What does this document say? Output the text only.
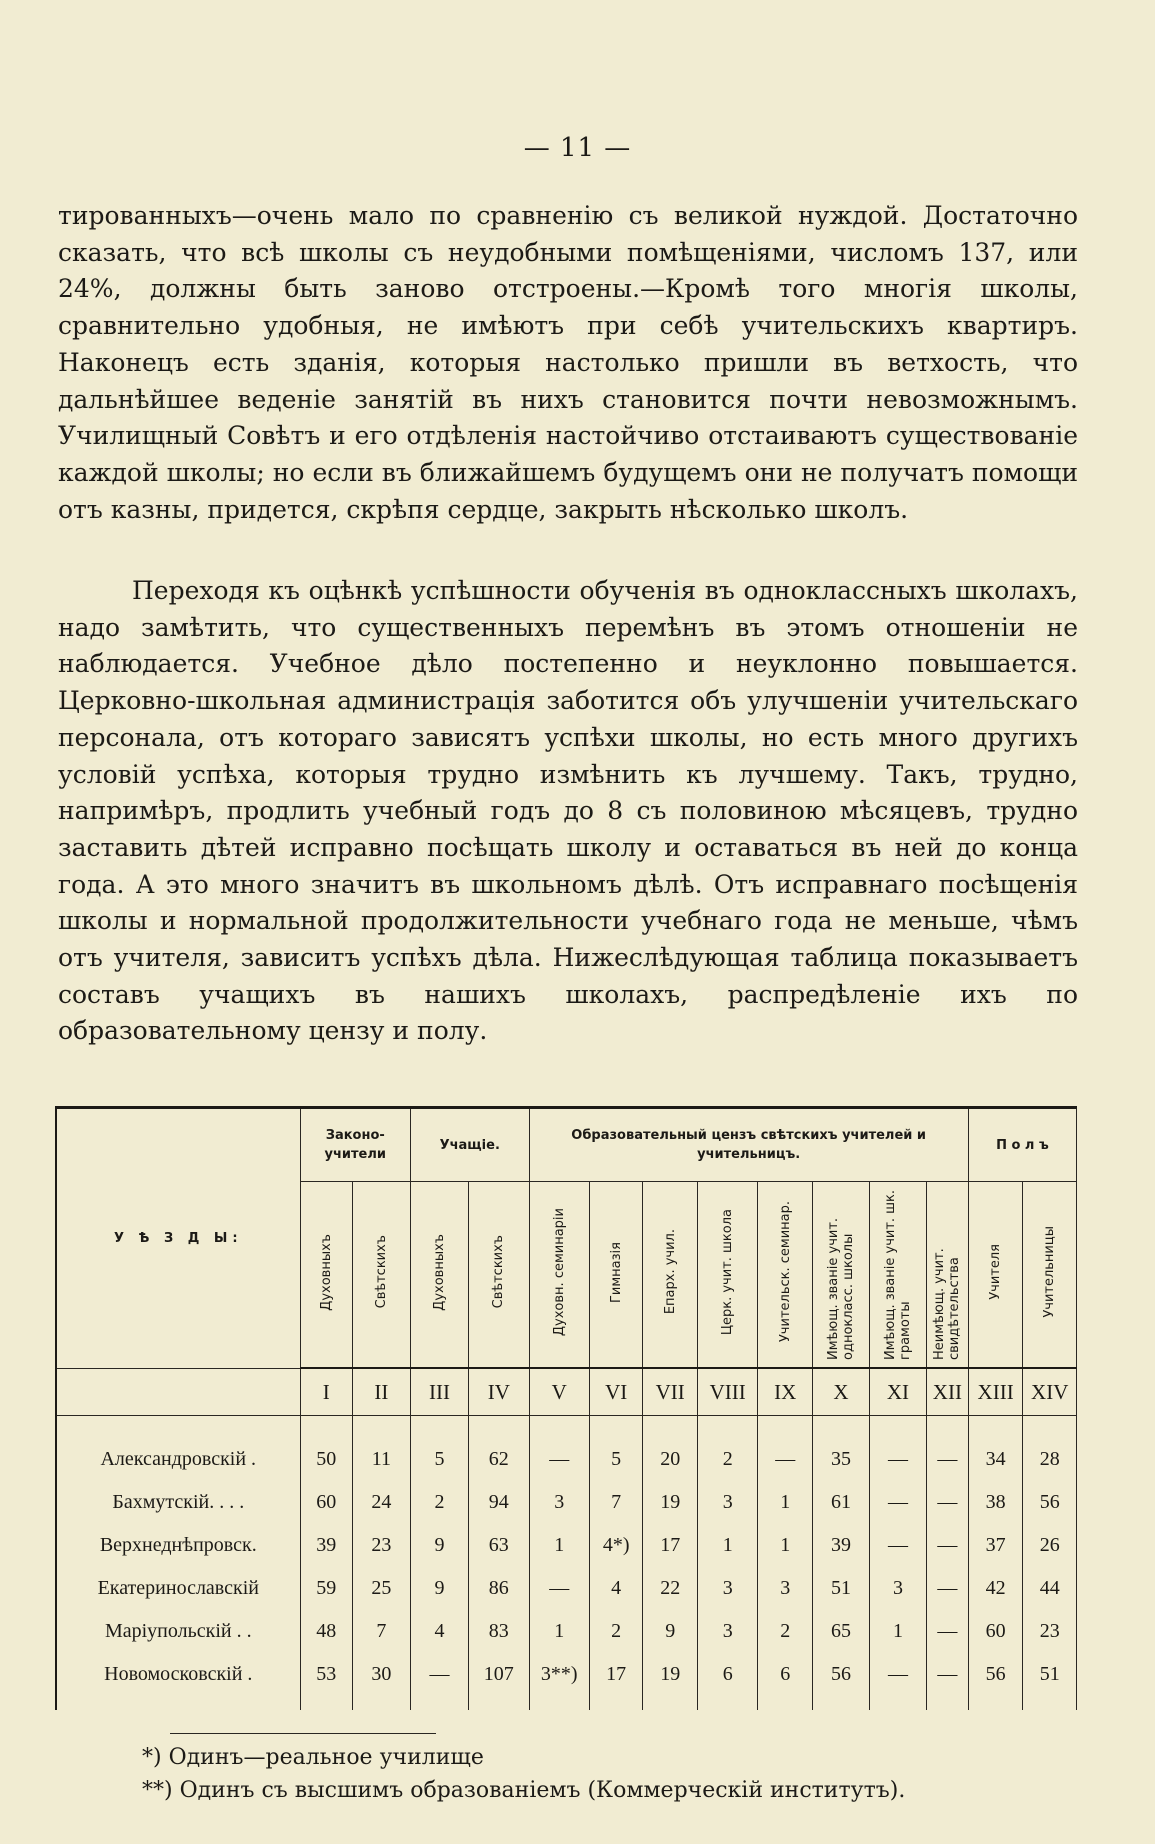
— 11 —
тированныхъ—очень мало по сравненію съ великой нуждой. Достаточно сказать, что всѣ школы съ неудобными помѣщеніями, числомъ 137, или 24%, должны быть заново отстроены.—Кромѣ того многія школы, сравнительно удобныя, не имѣютъ при себѣ учительскихъ квартиръ. Наконецъ есть зданія, которыя настолько пришли въ ветхость, что дальнѣйшее веденіе занятій въ нихъ становится почти невозможнымъ. Училищный Совѣтъ и его отдѣленія настойчиво отстаиваютъ существованіе каждой школы; но если въ ближайшемъ будущемъ они не получатъ помощи отъ казны, придется, скрѣпя сердце, закрыть нѣсколько школъ.
Переходя къ оцѣнкѣ успѣшности обученія въ одноклассныхъ школахъ, надо замѣтить, что существенныхъ перемѣнъ въ этомъ отношеніи не наблюдается. Учебное дѣло постепенно и неуклонно повышается. Церковно-школьная администрація заботится объ улучшеніи учительскаго персонала, отъ котораго зависятъ успѣхи школы, но есть много другихъ условій успѣха, которыя трудно измѣнить къ лучшему. Такъ, трудно, напримѣръ, продлить учебный годъ до 8 съ половиною мѣсяцевъ, трудно заставить дѣтей исправно посѣщать школу и оставаться въ ней до конца года. А это много значитъ въ школьномъ дѣлѣ. Отъ исправнаго посѣщенія школы и нормальной продолжительности учебнаго года не меньше, чѣмъ отъ учителя, зависитъ успѣхъ дѣла. Нижеслѣдующая таблица показываетъ составъ учащихъ въ нашихъ школахъ, распредѣленіе ихъ по образовательному цензу и полу.
У Ѣ З Д Ы:	Законо-учители		Учащіе.		Образовательный цензъ свѣтскихъ учителей и учительницъ.								П о л ъ	
	Духовныхъ	Свѣтскихъ	Духовныхъ	Свѣтскихъ	Духовн. семинаріи	Гимназія	Епарх. учил.	Церк. учит. школа	Учительск. семинар.	Имѣющ. званіе учит. однокласс. школы	Имѣющ. званіе учит. шк. грамоты	Неимѣющ. учит. свидѣтельства	Учителя	Учительницы
	I	II	III	IV	V	VI	VII	VIII	IX	X	XI	XII	XIII	XIV

Александровскій .	50	11	5	62	—	5	20	2	—	35	—	—	34	28
Бахмутскій. . . .	60	24	2	94	3	7	19	3	1	61	—	—	38	56
Верхнеднѣпровск.	39	23	9	63	1	4*)	17	1	1	39	—	—	37	26
Екатеринославскій	59	25	9	86	—	4	22	3	3	51	3	—	42	44
Маріупольскій . .	48	7	4	83	1	2	9	3	2	65	1	—	60	23
Новомосковскій .	53	30	—	107	3**)	17	19	6	6	56	—	—	56	51

*) Одинъ—реальное училище
**) Одинъ съ высшимъ образованіемъ (Коммерческій институтъ).
